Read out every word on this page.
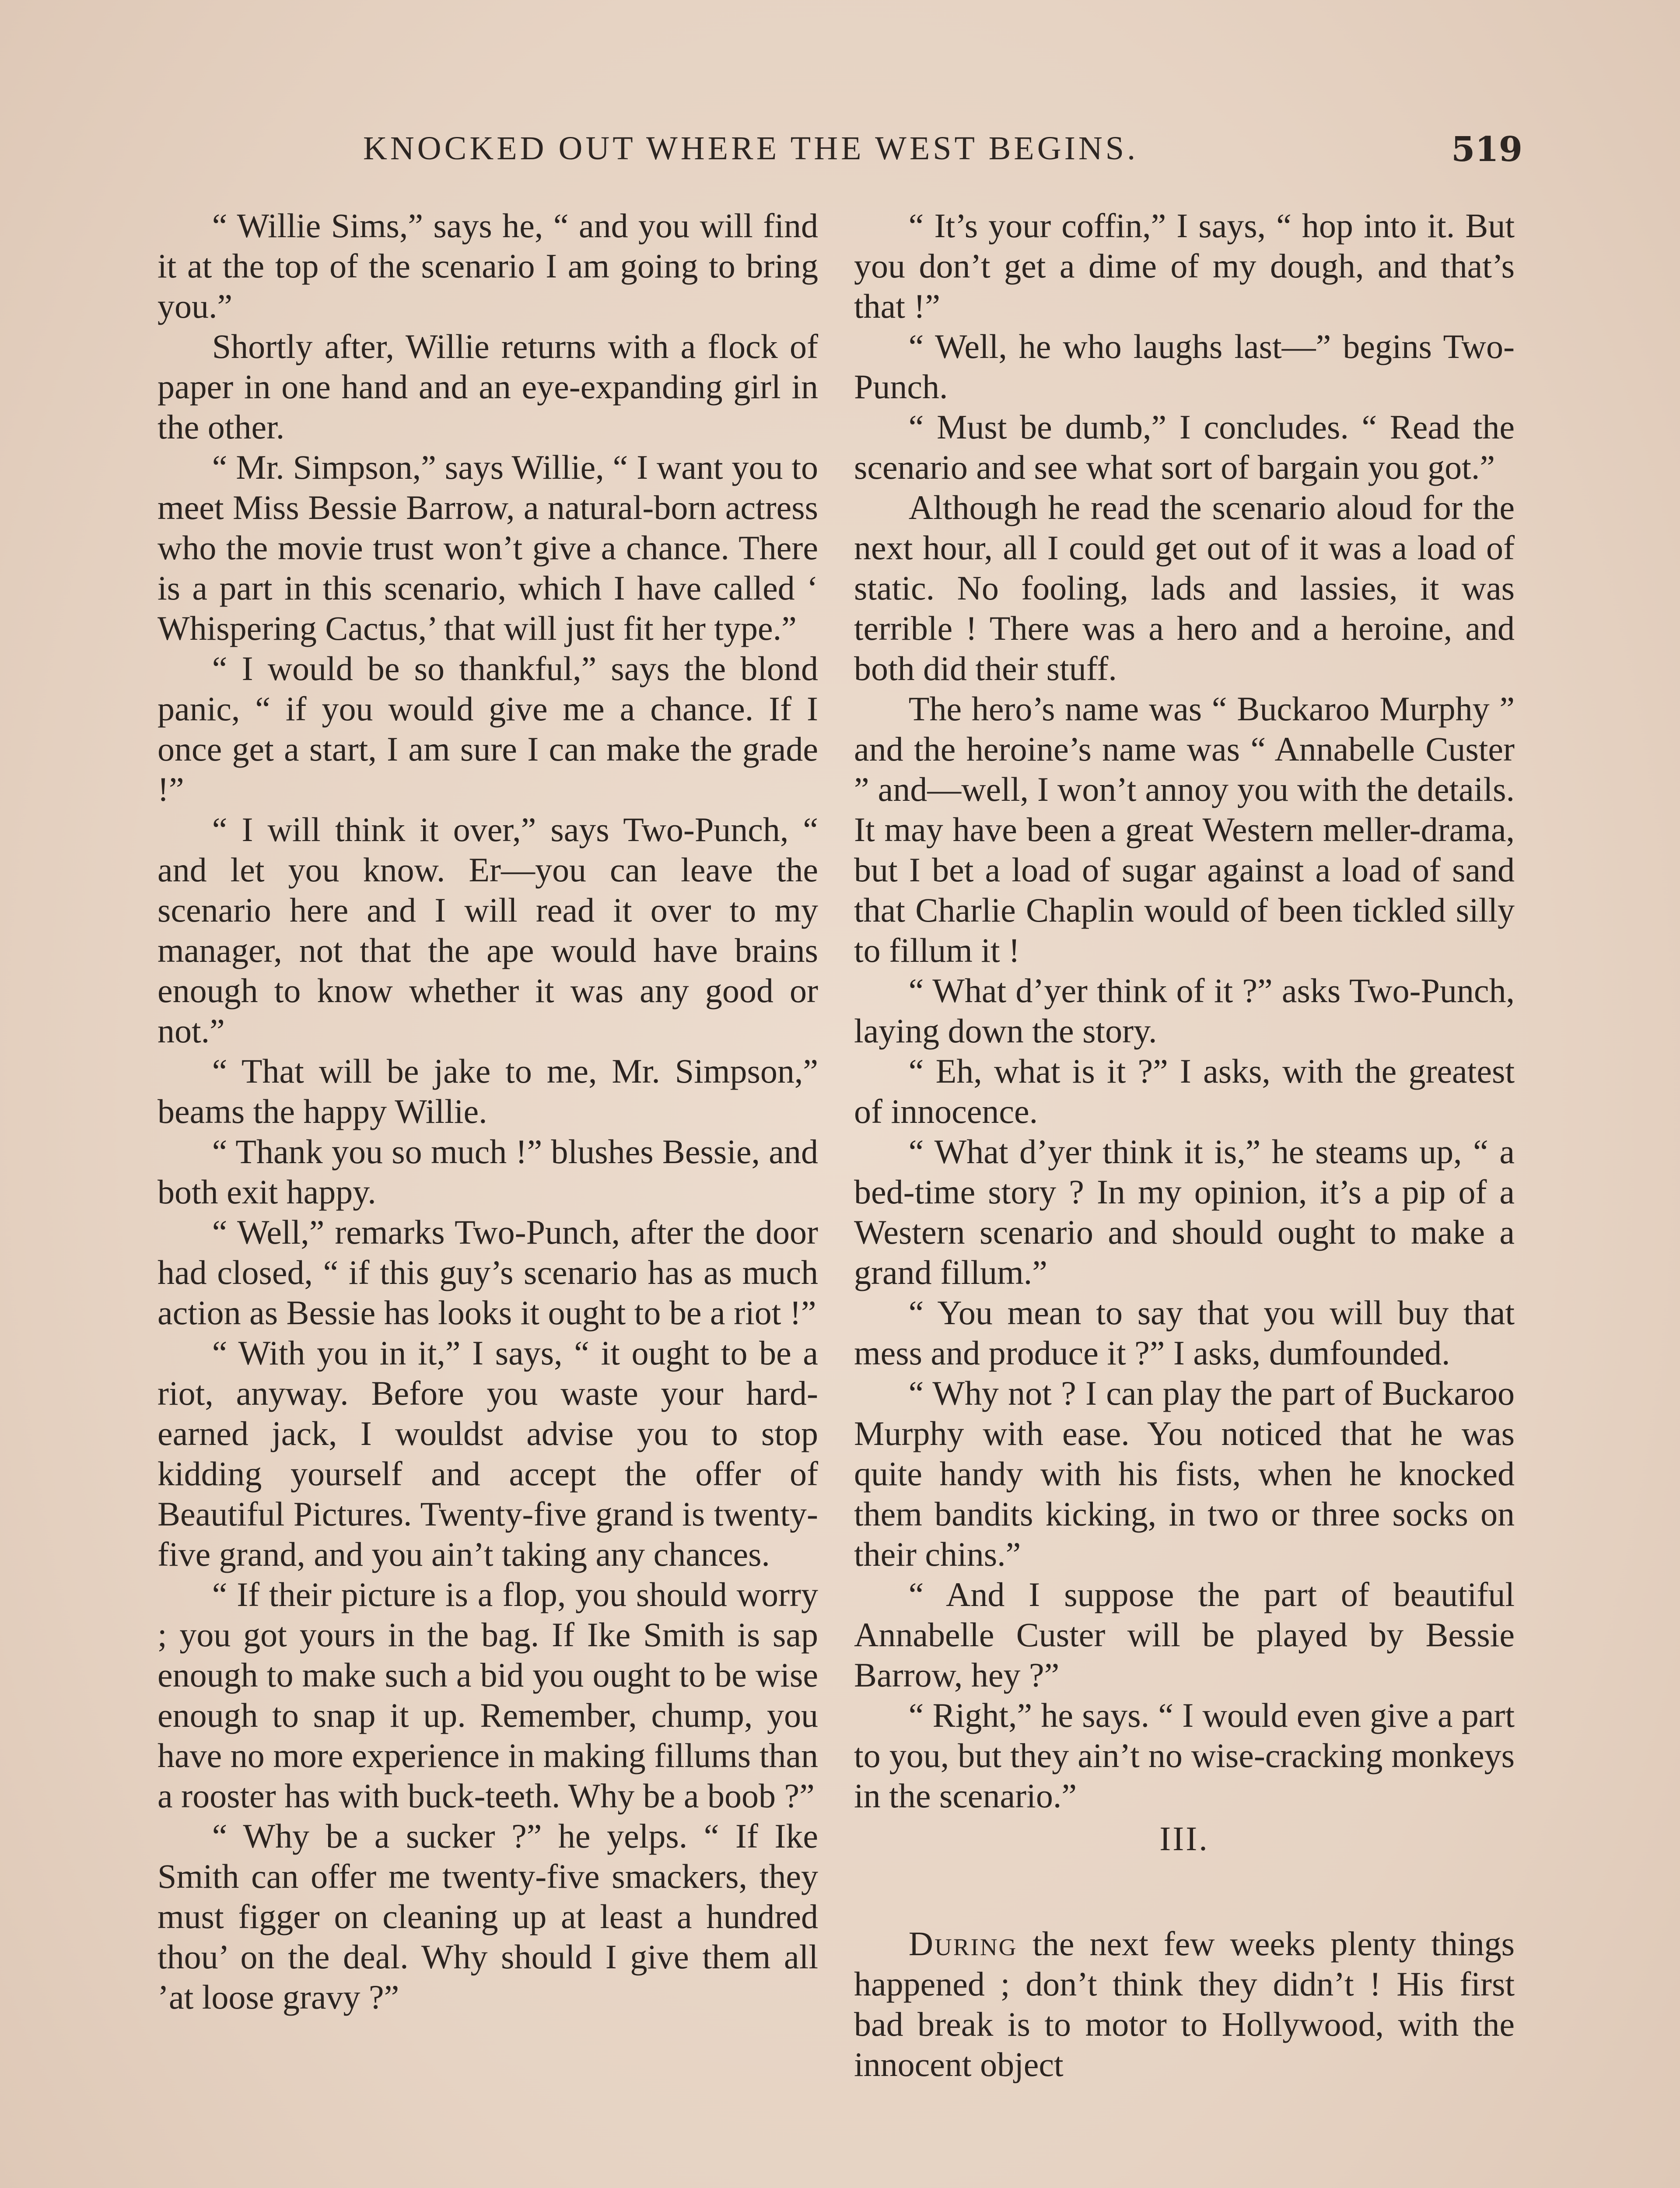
KNOCKED OUT WHERE THE WEST BEGINS.	519

“ Willie Sims,” says he, “ and you will find it at the top of the scenario I am going to bring you.”

Shortly after, Willie returns with a flock of paper in one hand and an eye-expanding girl in the other.

“ Mr. Simpson,” says Willie, “ I want you to meet Miss Bessie Barrow, a natural-born actress who the movie trust won’t give a chance. There is a part in this scenario, which I have called ‘ Whispering Cactus,’ that will just fit her type.”

“ I would be so thankful,” says the blond panic, “ if you would give me a chance. If I once get a start, I am sure I can make the grade !”

“ I will think it over,” says Two-Punch, “ and let you know. Er—you can leave the scenario here and I will read it over to my manager, not that the ape would have brains enough to know whether it was any good or not.”

“ That will be jake to me, Mr. Simpson,” beams the happy Willie.

“ Thank you so much !” blushes Bessie, and both exit happy.

“ Well,” remarks Two-Punch, after the door had closed, “ if this guy’s scenario has as much action as Bessie has looks it ought to be a riot !”

“ With you in it,” I says, “ it ought to be a riot, anyway. Before you waste your hard-earned jack, I wouldst advise you to stop kidding yourself and accept the offer of Beautiful Pictures. Twenty-five grand is twenty-five grand, and you ain’t taking any chances.

“ If their picture is a flop, you should worry ; you got yours in the bag. If Ike Smith is sap enough to make such a bid you ought to be wise enough to snap it up. Remember, chump, you have no more experience in making fillums than a rooster has with buck-teeth. Why be a boob ?”

“ Why be a sucker ?” he yelps. “ If Ike Smith can offer me twenty-five smackers, they must figger on cleaning up at least a hundred thou’ on the deal. Why should I give them all ’at loose gravy ?”

“ It’s your coffin,” I says, “ hop into it. But you don’t get a dime of my dough, and that’s that !”

“ Well, he who laughs last—” begins Two-Punch.

“ Must be dumb,” I concludes. “ Read the scenario and see what sort of bargain you got.”

Although he read the scenario aloud for the next hour, all I could get out of it was a load of static. No fooling, lads and lassies, it was terrible ! There was a hero and a heroine, and both did their stuff.

The hero’s name was “ Buckaroo Murphy ” and the heroine’s name was “ Annabelle Custer ” and—well, I won’t annoy you with the details. It may have been a great Western meller-drama, but I bet a load of sugar against a load of sand that Charlie Chaplin would of been tickled silly to fillum it !

“ What d’yer think of it ?” asks Two-Punch, laying down the story.

“ Eh, what is it ?” I asks, with the greatest of innocence.

“ What d’yer think it is,” he steams up, “ a bed-time story ? In my opinion, it’s a pip of a Western scenario and should ought to make a grand fillum.”

“ You mean to say that you will buy that mess and produce it ?” I asks, dumfounded.

“ Why not ? I can play the part of Buckaroo Murphy with ease. You noticed that he was quite handy with his fists, when he knocked them bandits kicking, in two or three socks on their chins.”

“ And I suppose the part of beautiful Annabelle Custer will be played by Bessie Barrow, hey ?”

“ Right,” he says. “ I would even give a part to you, but they ain’t no wise-cracking monkeys in the scenario.”

III.

During the next few weeks plenty things happened ; don’t think they didn’t ! His first bad break is to motor to Hollywood, with the innocent object
